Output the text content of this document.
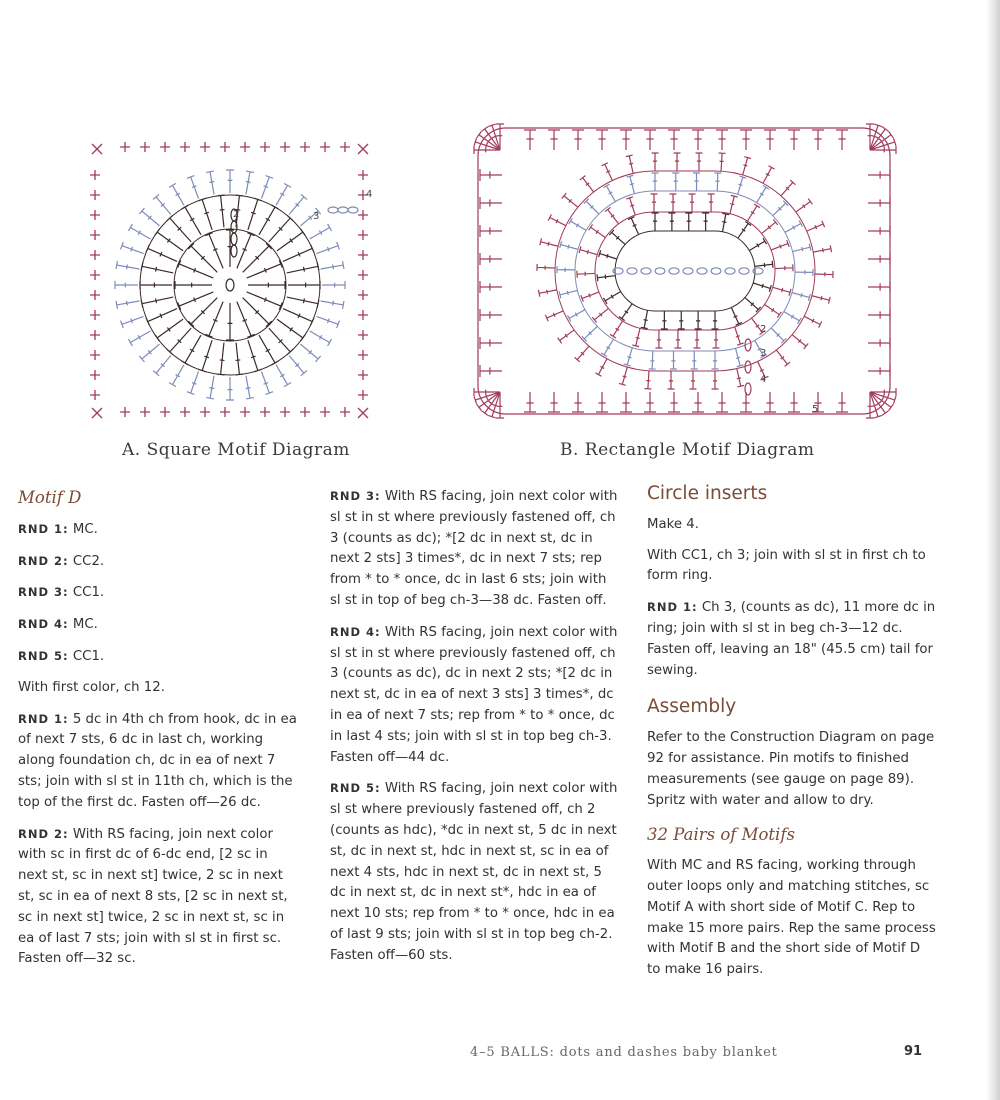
2	3
4
A. Square Motif Diagram
2
3
4
5
B. Rectangle Motif Diagram

Motif D

RND 1: MC.

RND 2: CC2.

RND 3: CC1.

RND 4: MC.

RND 5: CC1.

With first color, ch 12.

RND 1: 5 dc in 4th ch from hook, dc in ea of next 7 sts, 6 dc in last ch, working along foundation ch, dc in ea of next 7 sts; join with sl st in 11th ch, which is the top of the first dc. Fasten off—26 dc.

RND 2: With RS facing, join next color with sc in first dc of 6-dc end, [2 sc in next st, sc in next st] twice, 2 sc in next st, sc in ea of next 8 sts, [2 sc in next st, sc in next st] twice, 2 sc in next st, sc in ea of last 7 sts; join with sl st in first sc. Fasten off—32 sc.

RND 3: With RS facing, join next color with sl st in st where previously fastened off, ch 3 (counts as dc); *[2 dc in next st, dc in next 2 sts] 3 times*, dc in next 7 sts; rep from * to * once, dc in last 6 sts; join with sl st in top of beg ch-3—38 dc. Fasten off.

RND 4: With RS facing, join next color with sl st in st where previously fastened off, ch 3 (counts as dc), dc in next 2 sts; *[2 dc in next st, dc in ea of next 3 sts] 3 times*, dc in ea of next 7 sts; rep from * to * once, dc in last 4 sts; join with sl st in top beg ch-3. Fasten off—44 dc.

RND 5: With RS facing, join next color with sl st where previously fastened off, ch 2 (counts as hdc), *dc in next st, 5 dc in next st, dc in next st, hdc in next st, sc in ea of next 4 sts, hdc in next st, dc in next st, 5 dc in next st, dc in next st*, hdc in ea of next 10 sts; rep from * to * once, hdc in ea of last 9 sts; join with sl st in top beg ch-2. Fasten off—60 sts.

Circle inserts

Make 4.

With CC1, ch 3; join with sl st in first ch to form ring.

RND 1: Ch 3, (counts as dc), 11 more dc in ring; join with sl st in beg ch-3—12 dc. Fasten off, leaving an 18" (45.5 cm) tail for sewing.

Assembly

Refer to the Construction Diagram on page 92 for assistance. Pin motifs to finished measurements (see gauge on page 89). Spritz with water and allow to dry.

32 Pairs of Motifs

With MC and RS facing, working through outer loops only and matching stitches, sc Motif A with short side of Motif C. Rep to make 15 more pairs. Rep the same process with Motif B and the short side of Motif D to make 16 pairs.

4–5 BALLS: dots and dashes baby blanket	91
